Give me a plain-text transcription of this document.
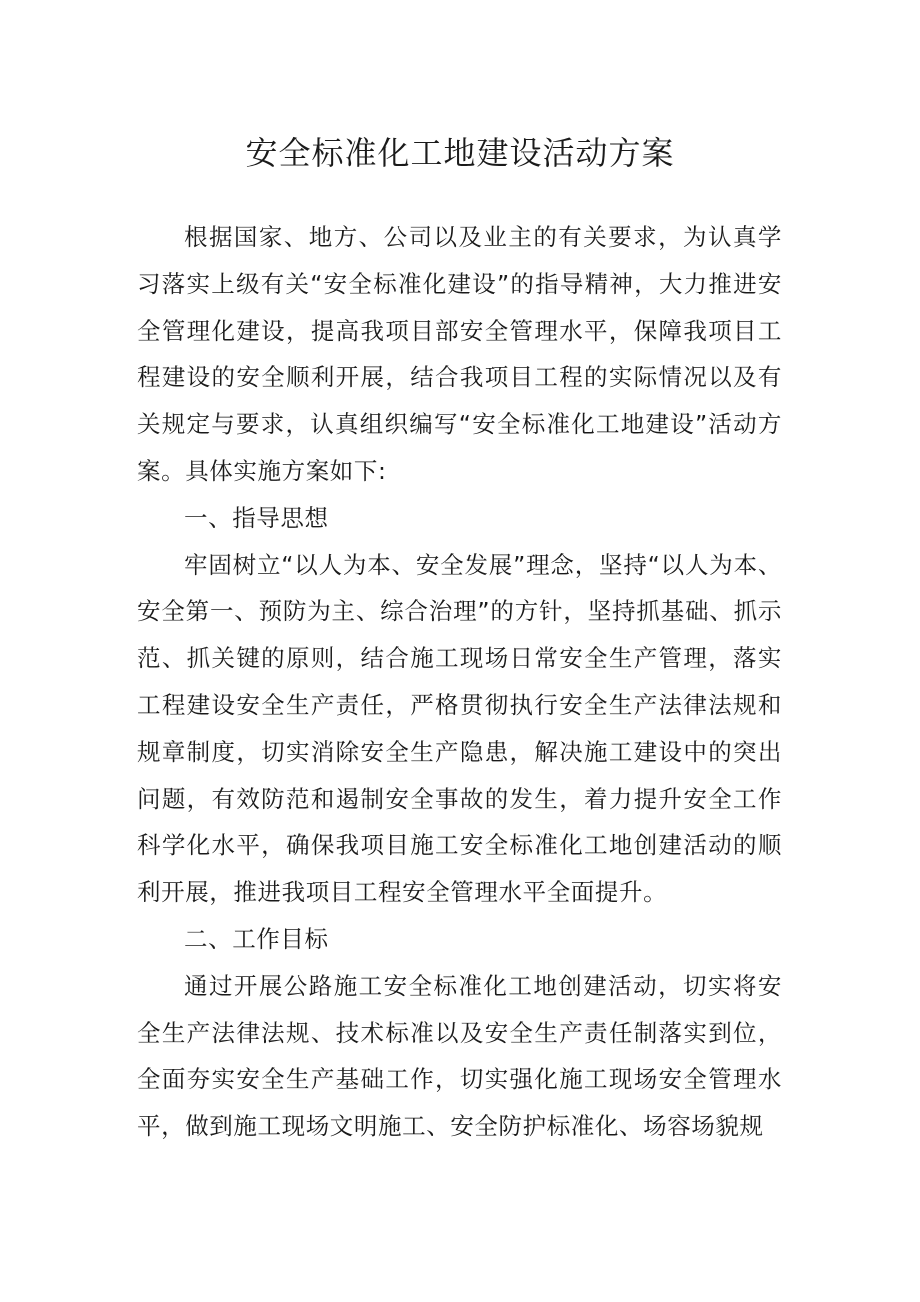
安全标准化工地建设活动方案

根据国家、地方、公司以及业主的有关要求，为认真学习落实上级有关“安全标准化建设”的指导精神，大力推进安全管理化建设，提高我项目部安全管理水平，保障我项目工程建设的安全顺利开展，结合我项目工程的实际情况以及有关规定与要求，认真组织编写“安全标准化工地建设”活动方案。具体实施方案如下:

一、指导思想

牢固树立“以人为本、安全发展”理念，坚持“以人为本、安全第一、预防为主、综合治理”的方针，坚持抓基础、抓示范、抓关键的原则，结合施工现场日常安全生产管理，落实工程建设安全生产责任，严格贯彻执行安全生产法律法规和规章制度，切实消除安全生产隐患，解决施工建设中的突出问题，有效防范和遏制安全事故的发生，着力提升安全工作科学化水平，确保我项目施工安全标准化工地创建活动的顺利开展，推进我项目工程安全管理水平全面提升。

二、工作目标

通过开展公路施工安全标准化工地创建活动，切实将安全生产法律法规、技术标准以及安全生产责任制落实到位，全面夯实安全生产基础工作，切实强化施工现场安全管理水平，做到施工现场文明施工、安全防护标准化、场容场貌规
